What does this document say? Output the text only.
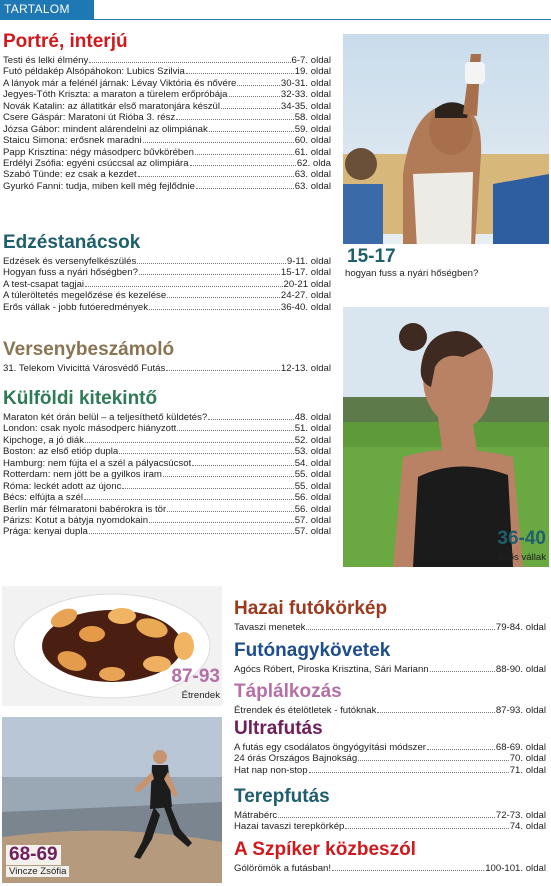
TARTALOM
Portré, interjú
Testi és lelki élmény	6-7. oldal
Futó példakép Alsópáhokon: Lubics Szilvia	19. oldal
A lányok már a felénél járnak: Lévay Viktória és nővére	30-31. oldal
Jegyes-Tóth Kriszta: a maraton a türelem erőpróbája	32-33. oldal
Novák Katalin: az állatitkár első maratonjára készül	34-35. oldal
Csere Gáspár: Maratoni út Rióba 3. rész	58. oldal
Józsa Gábor: mindent alárendelni az olimpiának	59. oldal
Staicu Simona: erősnek maradni	60. oldal
Papp Krisztina: négy másodperc bűvkörében	61. oldal
Erdélyi Zsófia: egyéni csúccsal az olimpiára	62. olda
Szabó Tünde: ez csak a kezdet	63. oldal
Gyurkó Fanni: tudja, miben kell még fejlődnie	63. oldal
Edzéstanácsok
Edzések és versenyfelkészülés	9-11. oldal
Hogyan fuss a nyári hőségben?	15-17. oldal
A test-csapat tagjai	20-21 oldal
A túleröltetés megelőzése és kezelése	24-27. oldal
Erős vállak - jobb futóeredmények	36-40. oldal
Versenybeszámoló
31. Telekom Vivicittá Városvédő Futás	12-13. oldal
Külföldi kitekintő
Maraton két órán belül – a teljesíthető küldetés?	48. oldal
London: csak nyolc másodperc hiányzott	51. oldal
Kipchoge, a jó diák	52. oldal
Boston: az első etióp dupla	53. oldal
Hamburg: nem fújta el a szél a pályacsúcsot	54. oldal
Rotterdam: nem jött be a gyilkos iram	55. oldal
Róma: leckét adott az újonc	55. oldal
Bécs: elfújta a szél	56. oldal
Berlin már félmaratoni babérokra is tör	56. oldal
Párizs: Kotut a bátyja nyomdokain	57. oldal
Prága: kenyai dupla	57. oldal
Hazai futókörkép
Tavaszi menetek	79-84. oldal
Futónagykövetek
Agócs Róbert, Piroska Krisztina, Sári Mariann	88-90. oldal
Táplálkozás
Étrendek és ételötletek - futóknak	87-93. oldal
Ultrafutás
A futás egy csodálatos öngyógyítási módszer	68-69. oldal
24 órás Országos Bajnokság	70. oldal
Hat nap non-stop	71. oldal
Terepfutás
Mátrabérc	72-73. oldal
Hazai tavaszi terepkörkép	74. oldal
A Szpíker közbeszól
Gólörömök a futásban!	100-101. oldal
15-17
hogyan fuss a nyári hőségben?
36-40
Erős vállak
87-93
Étrendek
68-69
Vincze Zsófia
